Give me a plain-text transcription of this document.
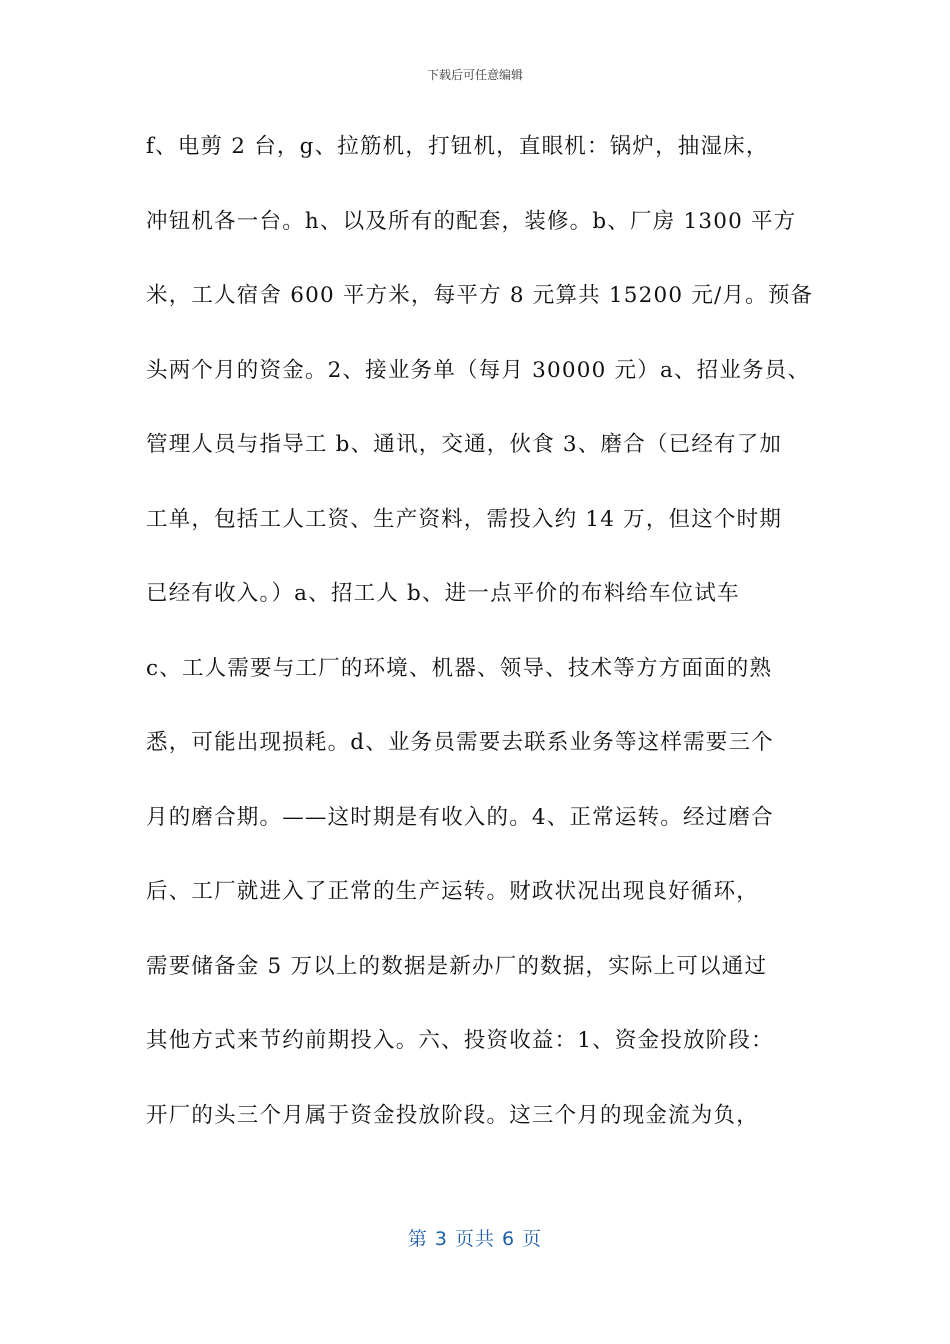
下载后可任意编辑
f、电剪 2 台，g、拉筋机，打钮机，直眼机：锅炉，抽湿床，
冲钮机各一台。h、以及所有的配套，装修。b、厂房 1300 平方
米，工人宿舍 600 平方米，每平方 8 元算共 15200 元/月。预备
头两个月的资金。2、接业务单（每月 30000 元）a、招业务员、
管理人员与指导工 b、通讯，交通，伙食 3、磨合（已经有了加
工单，包括工人工资、生产资料，需投入约 14 万，但这个时期
已经有收入。）a、招工人 b、进一点平价的布料给车位试车
c、工人需要与工厂的环境、机器、领导、技术等方方面面的熟
悉，可能出现损耗。d、业务员需要去联系业务等这样需要三个
月的磨合期。——这时期是有收入的。4、正常运转。经过磨合
后、工厂就进入了正常的生产运转。财政状况出现良好循环，
需要储备金 5 万以上的数据是新办厂的数据，实际上可以通过
其他方式来节约前期投入。六、投资收益：1、资金投放阶段：
开厂的头三个月属于资金投放阶段。这三个月的现金流为负，
第 3 页共 6 页
